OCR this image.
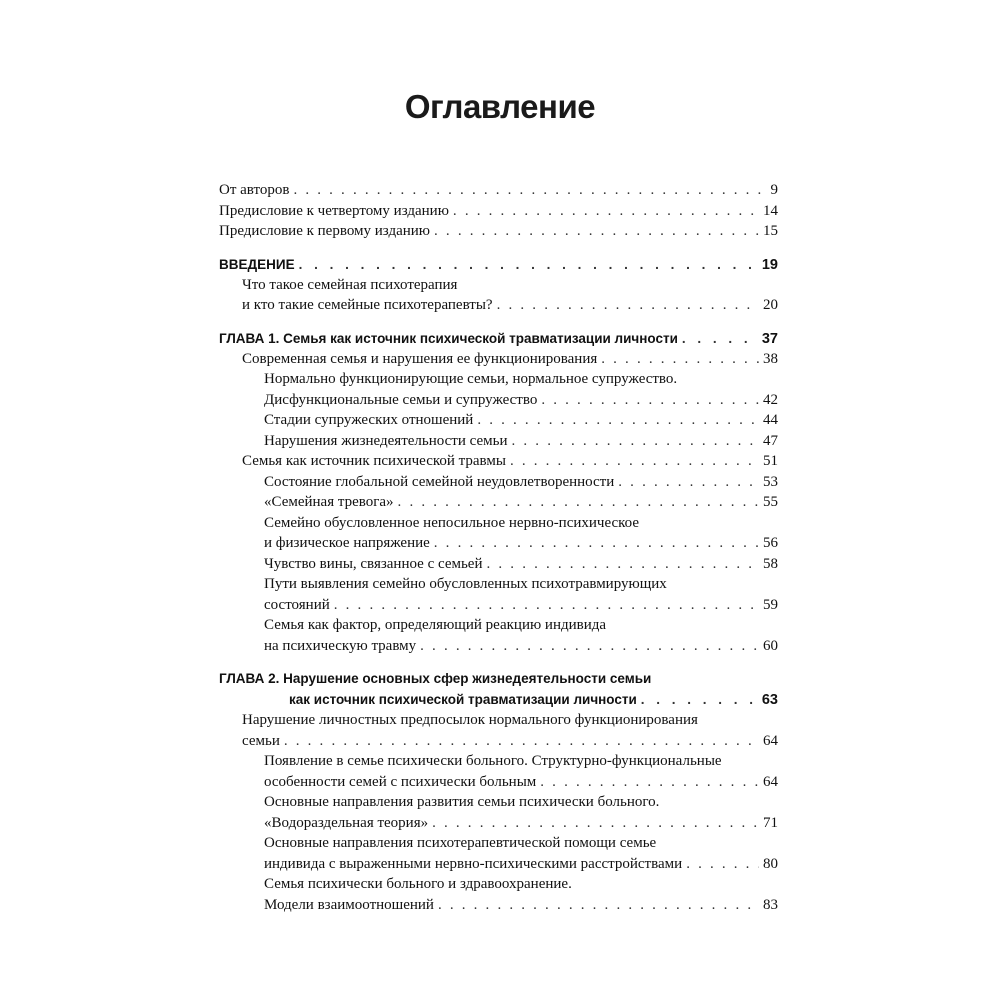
Оглавление
От авторов . . .	9
Предисловие к четвертому изданию . . .	14
Предисловие к первому изданию . . .	15
ВВЕДЕНИЕ . . .	19
Что такое семейная психотерапия
и кто такие семейные психотерапевты? . . .	20
ГЛАВА 1. Семья как источник психической травматизации личности . . .	37
Современная семья и нарушения ее функционирования . . .	38
Нормально функционирующие семьи, нормальное супружество.
Дисфункциональные семьи и супружество . . .	42
Стадии супружеских отношений . . .	44
Нарушения жизнедеятельности семьи . . .	47
Семья как источник психической травмы . . .	51
Состояние глобальной семейной неудовлетворенности . . .	53
«Семейная тревога» . . .	55
Семейно обусловленное непосильное нервно-психическое
и физическое напряжение . . .	56
Чувство вины, связанное с семьей . . .	58
Пути выявления семейно обусловленных психотравмирующих
состояний . . .	59
Семья как фактор, определяющий реакцию индивида
на психическую травму . . .	60
ГЛАВА 2. Нарушение основных сфер жизнедеятельности семьи
как источник психической травматизации личности . . .	63
Нарушение личностных предпосылок нормального функционирования
семьи . . .	64
Появление в семье психически больного. Структурно-функциональные
особенности семей с психически больным . . .	64
Основные направления развития семьи психически больного.
«Водораздельная теория» . . .	71
Основные направления психотерапевтической помощи семье
индивида с выраженными нервно-психическими расстройствами . . .	80
Семья психически больного и здравоохранение.
Модели взаимоотношений . . .	83
